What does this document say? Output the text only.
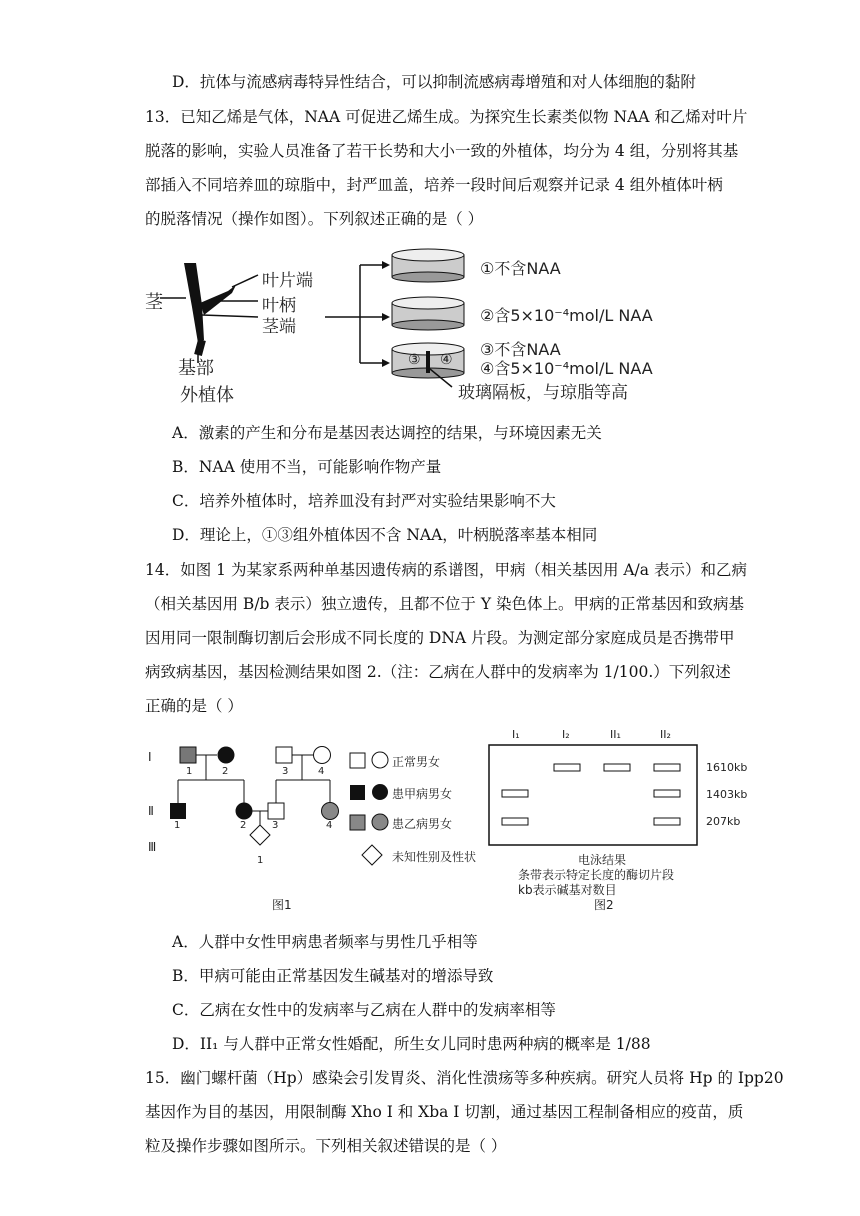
D．抗体与流感病毒特异性结合，可以抑制流感病毒增殖和对人体细胞的黏附
13．已知乙烯是气体，NAA 可促进乙烯生成。为探究生长素类似物 NAA 和乙烯对叶片
脱落的影响，实验人员准备了若干长势和大小一致的外植体，均分为 4 组，分别将其基
部插入不同培养皿的琼脂中，封严皿盖，培养一段时间后观察并记录 4 组外植体叶柄
的脱落情况（操作如图）。下列叙述正确的是（ ）
茎
叶片端
叶柄
茎端
基部
外植体
①不含NAA
②含5×10⁻⁴mol/L NAA
③不含NAA
④含5×10⁻⁴mol/L NAA
③ ④
玻璃隔板，与琼脂等高
A．激素的产生和分布是基因表达调控的结果，与环境因素无关
B．NAA 使用不当，可能影响作物产量
C．培养外植体时，培养皿没有封严对实验结果影响不大
D．理论上，①③组外植体因不含 NAA，叶柄脱落率基本相同
14．如图 1 为某家系两种单基因遗传病的系谱图，甲病（相关基因用 A/a 表示）和乙病
（相关基因用 B/b 表示）独立遗传，且都不位于 Y 染色体上。甲病的正常基因和致病基
因用同一限制酶切割后会形成不同长度的 DNA 片段。为测定部分家庭成员是否携带甲
病致病基因，基因检测结果如图 2.（注：乙病在人群中的发病率为 1/100.）下列叙述
正确的是（ ）
Ⅰ
Ⅱ
Ⅲ
1	2	3	4
1	2	3	4
1
正常男女
患甲病男女
患乙病男女
未知性别及性状
图1
I₁	I₂	II₁	II₂
1610kb
1403kb
207kb
电泳结果
条带表示特定长度的酶切片段
kb表示碱基对数目
图2
A．人群中女性甲病患者频率与男性几乎相等
B．甲病可能由正常基因发生碱基对的增添导致
C．乙病在女性中的发病率与乙病在人群中的发病率相等
D．II₁ 与人群中正常女性婚配，所生女儿同时患两种病的概率是 1/88
15．幽门螺杆菌（Hp）感染会引发胃炎、消化性溃疡等多种疾病。研究人员将 Hp 的 Ipp20
基因作为目的基因，用限制酶 Xho I 和 Xba I 切割，通过基因工程制备相应的疫苗，质
粒及操作步骤如图所示。下列相关叙述错误的是（ ）
